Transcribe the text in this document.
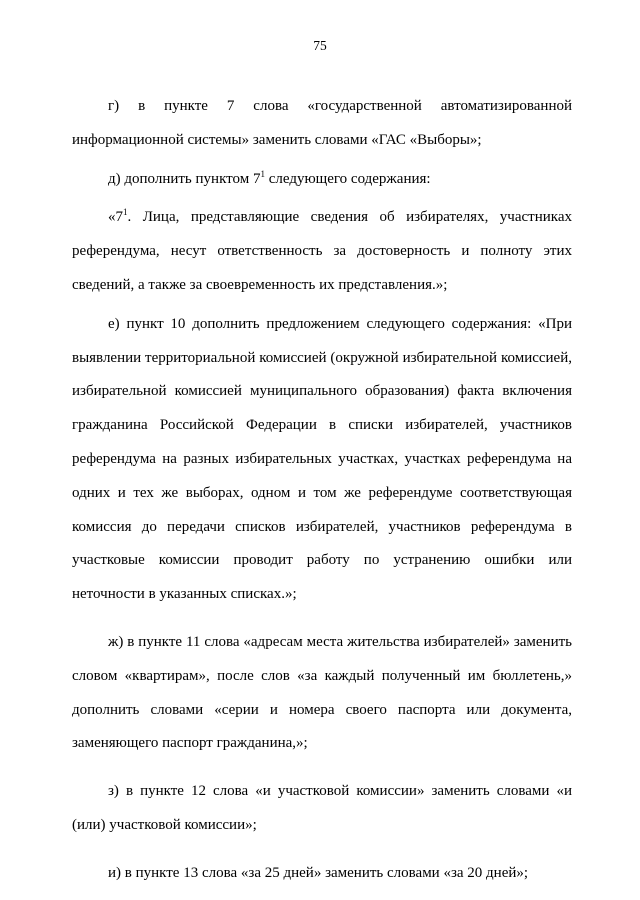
75

г) в пункте 7 слова «государственной автоматизированной информационной системы» заменить словами «ГАС «Выборы»;

д) дополнить пунктом $7^1$ следующего содержания:

«$7^1$. Лица, представляющие сведения об избирателях, участниках референдума, несут ответственность за достоверность и полноту этих сведений, а также за своевременность их представления.»;

е) пункт 10 дополнить предложением следующего содержания: «При выявлении территориальной комиссией (окружной избирательной комиссией, избирательной комиссией муниципального образования) факта включения гражданина Российской Федерации в списки избирателей, участников референдума на разных избирательных участках, участках референдума на одних и тех же выборах, одном и том же референдуме соответствующая комиссия до передачи списков избирателей, участников референдума в участковые комиссии проводит работу по устранению ошибки или неточности в указанных списках.»;

ж) в пункте 11 слова «адресам места жительства избирателей» заменить словом «квартирам», после слов «за каждый полученный им бюллетень,» дополнить словами «серии и номера своего паспорта или документа, заменяющего паспорт гражданина,»;

з) в пункте 12 слова «и участковой комиссии» заменить словами «и (или) участковой комиссии»;

и) в пункте 13 слова «за 25 дней» заменить словами «за 20 дней»;
